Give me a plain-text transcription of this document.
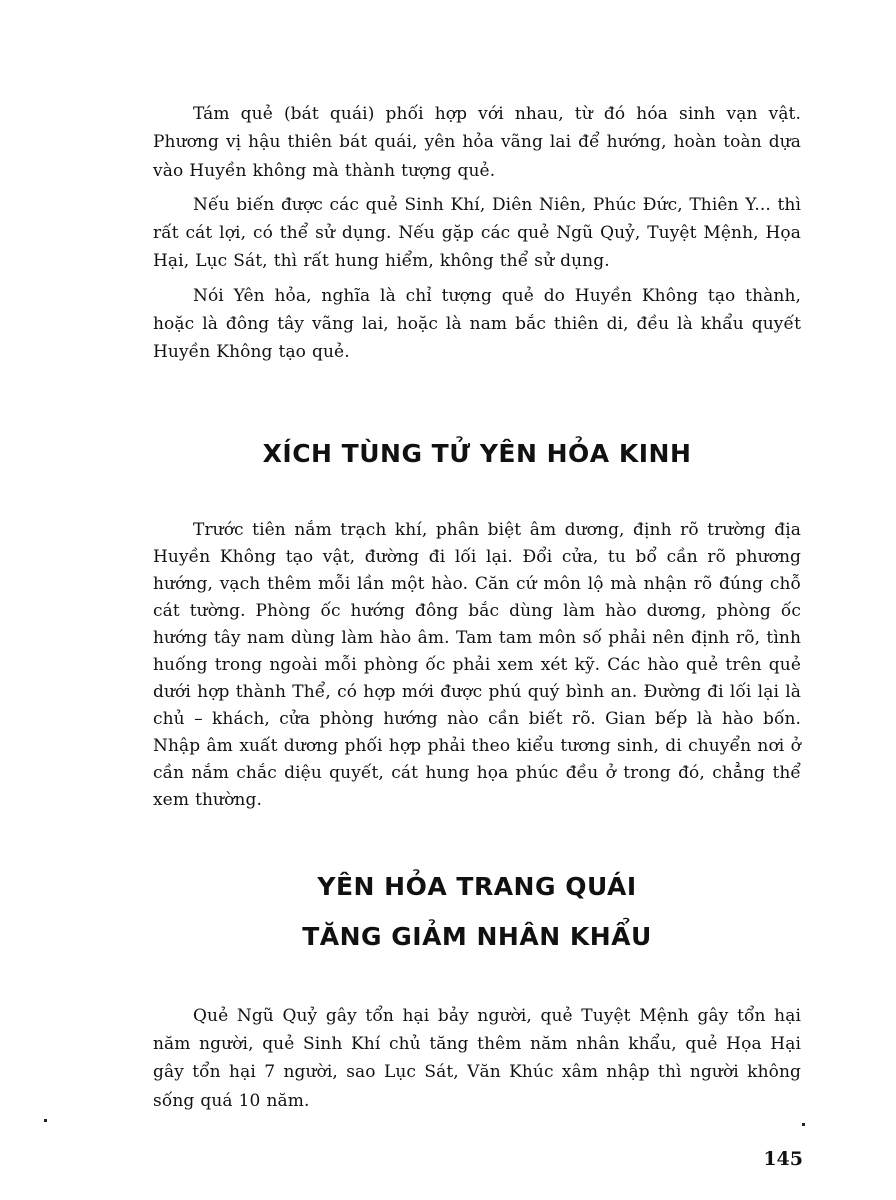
Tám quẻ (bát quái) phối hợp với nhau, từ đó hóa sinh vạn vật. Phương vị hậu thiên bát quái, yên hỏa vãng lai để hướng, hoàn toàn dựa vào Huyền không mà thành tượng quẻ.

Nếu biến được các quẻ Sinh Khí, Diên Niên, Phúc Đức, Thiên Y... thì rất cát lợi, có thể sử dụng. Nếu gặp các quẻ Ngũ Quỷ, Tuyệt Mệnh, Họa Hại, Lục Sát, thì rất hung hiểm, không thể sử dụng.

Nói Yên hỏa, nghĩa là chỉ tượng quẻ do Huyền Không tạo thành, hoặc là đông tây vãng lai, hoặc là nam bắc thiên di, đều là khẩu quyết Huyền Không tạo quẻ.

XÍCH TÙNG TỬ YÊN HỎA KINH

Trước tiên nắm trạch khí, phân biệt âm dương, định rõ trường địa Huyền Không tạo vật, đường đi lối lại. Đổi cửa, tu bổ cần rõ phương hướng, vạch thêm mỗi lần một hào. Căn cứ môn lộ mà nhận rõ đúng chỗ cát tường. Phòng ốc hướng đông bắc dùng làm hào dương, phòng ốc hướng tây nam dùng làm hào âm. Tam tam môn số phải nên định rõ, tình huống trong ngoài mỗi phòng ốc phải xem xét kỹ. Các hào quẻ trên quẻ dưới hợp thành Thể, có hợp mới được phú quý bình an. Đường đi lối lại là chủ – khách, cửa phòng hướng nào cần biết rõ. Gian bếp là hào bốn. Nhập âm xuất dương phối hợp phải theo kiểu tương sinh, di chuyển nơi ở cần nắm chắc diệu quyết, cát hung họa phúc đều ở trong đó, chẳng thể xem thường.

YÊN HỎA TRANG QUÁI
TĂNG GIẢM NHÂN KHẨU

Quẻ Ngũ Quỷ gây tổn hại bảy người, quẻ Tuyệt Mệnh gây tổn hại năm người, quẻ Sinh Khí chủ tăng thêm năm nhân khẩu, quẻ Họa Hại gây tổn hại 7 người, sao Lục Sát, Văn Khúc xâm nhập thì người không sống quá 10 năm.

145
